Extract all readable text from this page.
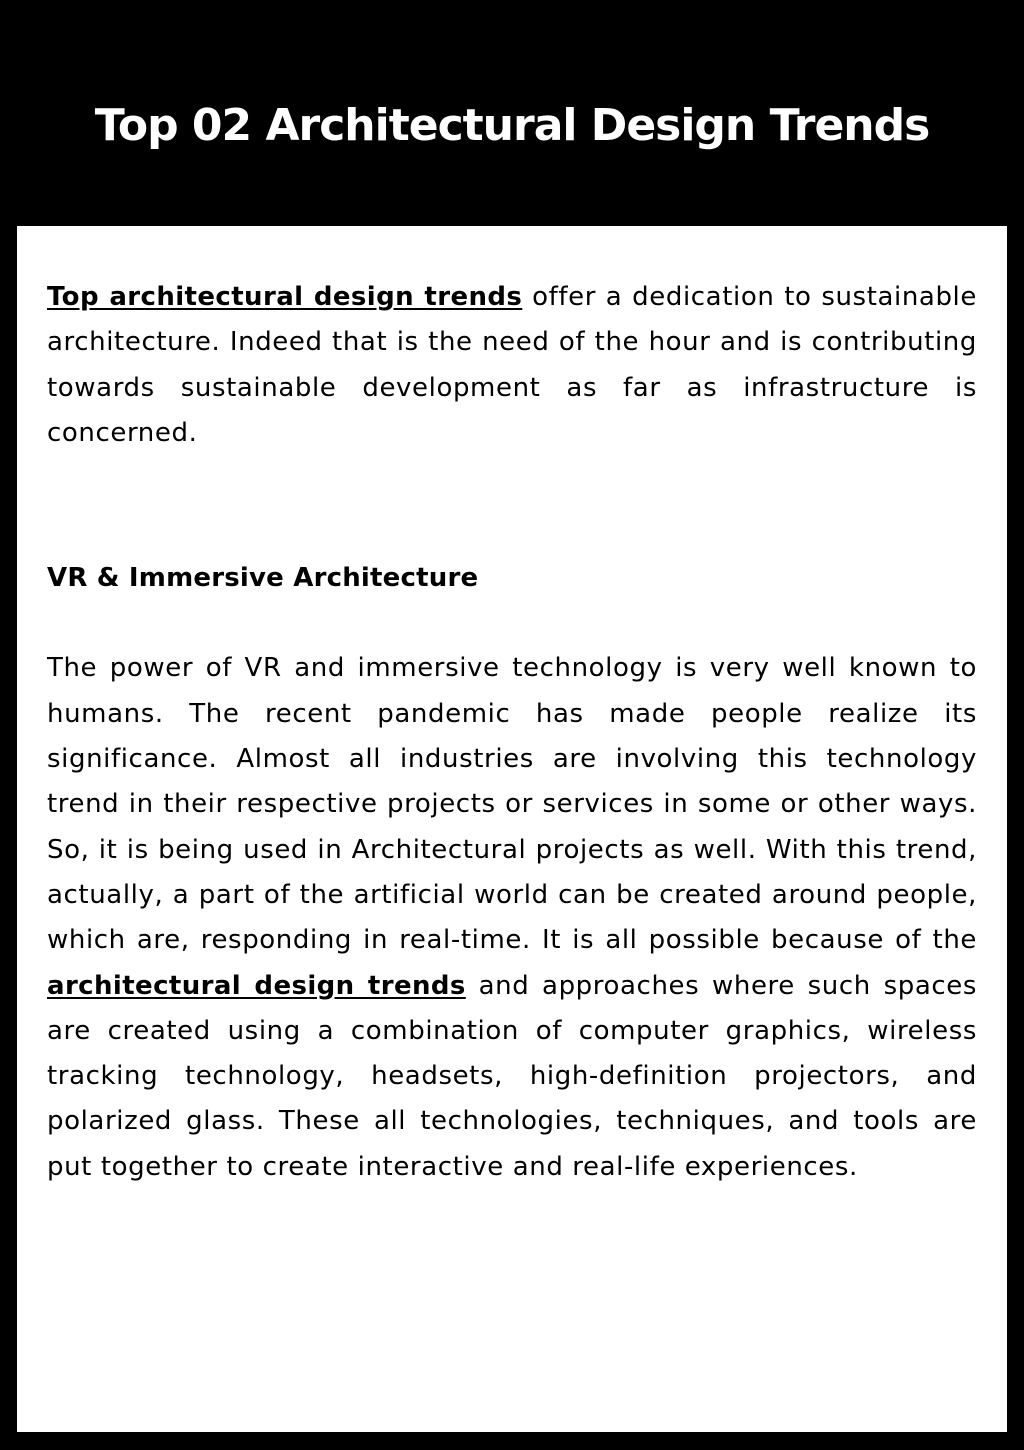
Top 02 Architectural Design Trends

Top architectural design trends offer a dedication to sustainable architecture. Indeed that is the need of the hour and is contributing towards sustainable development as far as infrastructure is concerned.

VR & Immersive Architecture

The power of VR and immersive technology is very well known to humans. The recent pandemic has made people realize its significance. Almost all industries are involving this technology trend in their respective projects or services in some or other ways. So, it is being used in Architectural projects as well. With this trend, actually, a part of the artificial world can be created around people, which are, responding in real-time. It is all possible because of the architectural design trends and approaches where such spaces are created using a combination of computer graphics, wireless tracking technology, headsets, high-definition projectors, and polarized glass. These all technologies, techniques, and tools are put together to create interactive and real-life experiences.
